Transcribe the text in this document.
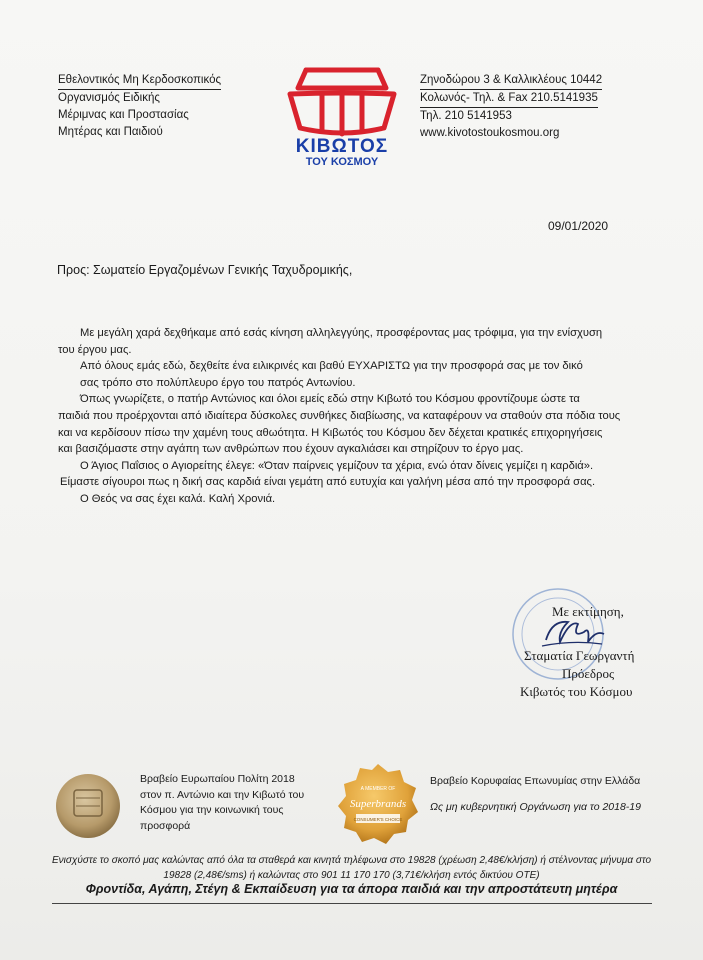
Εθελοντικός Μη Κερδοσκοπικός
Οργανισμός Ειδικής
Μέριμνας και Προστασίας
Μητέρας και Παιδιού
ΚΙΒΩΤΟΣ
ΤΟΥ ΚΟΣΜΟΥ
Ζηνοδώρου 3 & Καλλικλέους 10442
Κολωνός- Τηλ. & Fax 210.5141935
Τηλ. 210 5141953
www.kivotostoukosmou.org
09/01/2020
Προς: Σωματείο Εργαζομένων Γενικής Ταχυδρομικής,
Με μεγάλη χαρά δεχθήκαμε από εσάς κίνηση αλληλεγγύης, προσφέροντας μας τρόφιμα, για την ενίσχυση
του έργου μας.
Από όλους εμάς εδώ, δεχθείτε ένα ειλικρινές και βαθύ ΕΥΧΑΡΙΣΤΩ για την προσφορά σας με τον δικό
σας τρόπο στο πολύπλευρο έργο του πατρός Αντωνίου.
Όπως γνωρίζετε, ο πατήρ Αντώνιος και όλοι εμείς εδώ στην Κιβωτό του Κόσμου φροντίζουμε ώστε τα
παιδιά που προέρχονται από ιδιαίτερα δύσκολες συνθήκες διαβίωσης, να καταφέρουν να σταθούν στα πόδια τους
και να κερδίσουν πίσω την χαμένη τους αθωότητα. Η Κιβωτός του Κόσμου δεν δέχεται κρατικές επιχορηγήσεις
και βασιζόμαστε στην αγάπη των ανθρώπων που έχουν αγκαλιάσει και στηρίζουν το έργο μας.
Ο Άγιος Παΐσιος ο Αγιορείτης έλεγε: «Όταν παίρνεις γεμίζουν τα χέρια, ενώ όταν δίνεις γεμίζει η καρδιά».
Είμαστε σίγουροι πως η δική σας καρδιά είναι γεμάτη από ευτυχία και γαλήνη μέσα από την προσφορά σας.
Ο Θεός να σας έχει καλά. Καλή Χρονιά.
Με εκτίμηση,
Σταματία Γεωργαντή
Πρόεδρος
Κιβωτός του Κόσμου
Βραβείο Ευρωπαίου Πολίτη 2018
στον π. Αντώνιο και την Κιβωτό του
Κόσμου για την κοινωνική τους
προσφορά
A MEMBER OF
Superbrands
CONSUMER'S CHOICE
Βραβείο Κορυφαίας Επωνυμίας στην Ελλάδα
Ως μη κυβερνητική Οργάνωση για το 2018-19
Ενισχύστε το σκοπό μας καλώντας από όλα τα σταθερά και κινητά τηλέφωνα στο 19828 (χρέωση 2,48€/κλήση) ή στέλνοντας μήνυμα στο
19828 (2,48€/sms) ή καλώντας στο 901 11 170 170 (3,71€/κλήση εντός δικτύου ΟΤΕ)
Φροντίδα, Αγάπη, Στέγη & Εκπαίδευση για τα άπορα παιδιά και την απροστάτευτη μητέρα
